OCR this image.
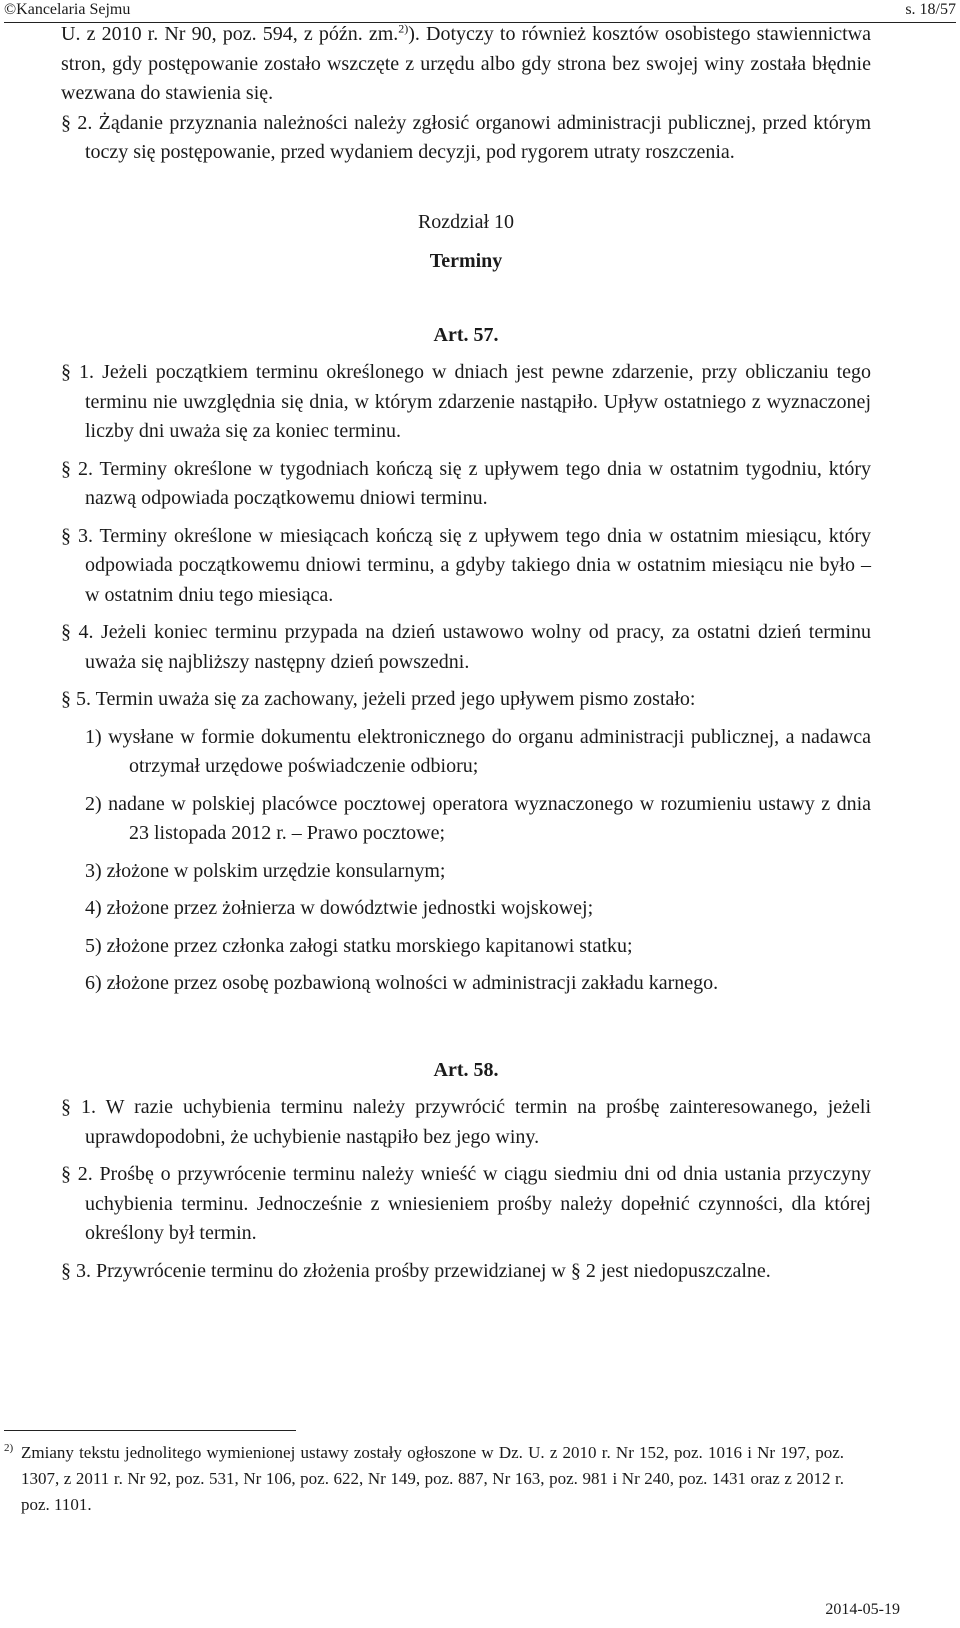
©Kancelaria Sejmu	s. 18/57

U. z 2010 r. Nr 90, poz. 594, z późn. zm.$^{2)}$). Dotyczy to również kosztów osobistego stawiennictwa stron, gdy postępowanie zostało wszczęte z urzędu albo gdy strona bez swojej winy została błędnie wezwana do stawienia się.

§ 2. Żądanie przyznania należności należy zgłosić organowi administracji publicznej, przed którym toczy się postępowanie, przed wydaniem decyzji, pod rygorem utraty roszczenia.

Rozdział 10

Terminy

Art. 57.

§ 1. Jeżeli początkiem terminu określonego w dniach jest pewne zdarzenie, przy obliczaniu tego terminu nie uwzględnia się dnia, w którym zdarzenie nastąpiło. Upływ ostatniego z wyznaczonej liczby dni uważa się za koniec terminu.

§ 2. Terminy określone w tygodniach kończą się z upływem tego dnia w ostatnim tygodniu, który nazwą odpowiada początkowemu dniowi terminu.

§ 3. Terminy określone w miesiącach kończą się z upływem tego dnia w ostatnim miesiącu, który odpowiada początkowemu dniowi terminu, a gdyby takiego dnia w ostatnim miesiącu nie było – w ostatnim dniu tego miesiąca.

§ 4. Jeżeli koniec terminu przypada na dzień ustawowo wolny od pracy, za ostatni dzień terminu uważa się najbliższy następny dzień powszedni.

§ 5. Termin uważa się za zachowany, jeżeli przed jego upływem pismo zostało:

1) wysłane w formie dokumentu elektronicznego do organu administracji publicznej, a nadawca otrzymał urzędowe poświadczenie odbioru;

2) nadane w polskiej placówce pocztowej operatora wyznaczonego w rozumieniu ustawy z dnia 23 listopada 2012 r. – Prawo pocztowe;

3) złożone w polskim urzędzie konsularnym;

4) złożone przez żołnierza w dowództwie jednostki wojskowej;

5) złożone przez członka załogi statku morskiego kapitanowi statku;

6) złożone przez osobę pozbawioną wolności w administracji zakładu karnego.

Art. 58.

§ 1. W razie uchybienia terminu należy przywrócić termin na prośbę zainteresowanego, jeżeli uprawdopodobni, że uchybienie nastąpiło bez jego winy.

§ 2. Prośbę o przywrócenie terminu należy wnieść w ciągu siedmiu dni od dnia ustania przyczyny uchybienia terminu. Jednocześnie z wniesieniem prośby należy dopełnić czynności, dla której określony był termin.

§ 3. Przywrócenie terminu do złożenia prośby przewidzianej w § 2 jest niedopuszczalne.

2) Zmiany tekstu jednolitego wymienionej ustawy zostały ogłoszone w Dz. U. z 2010 r. Nr 152, poz. 1016 i Nr 197, poz. 1307, z 2011 r. Nr 92, poz. 531, Nr 106, poz. 622, Nr 149, poz. 887, Nr 163, poz. 981 i Nr 240, poz. 1431 oraz z 2012 r. poz. 1101.

2014-05-19
